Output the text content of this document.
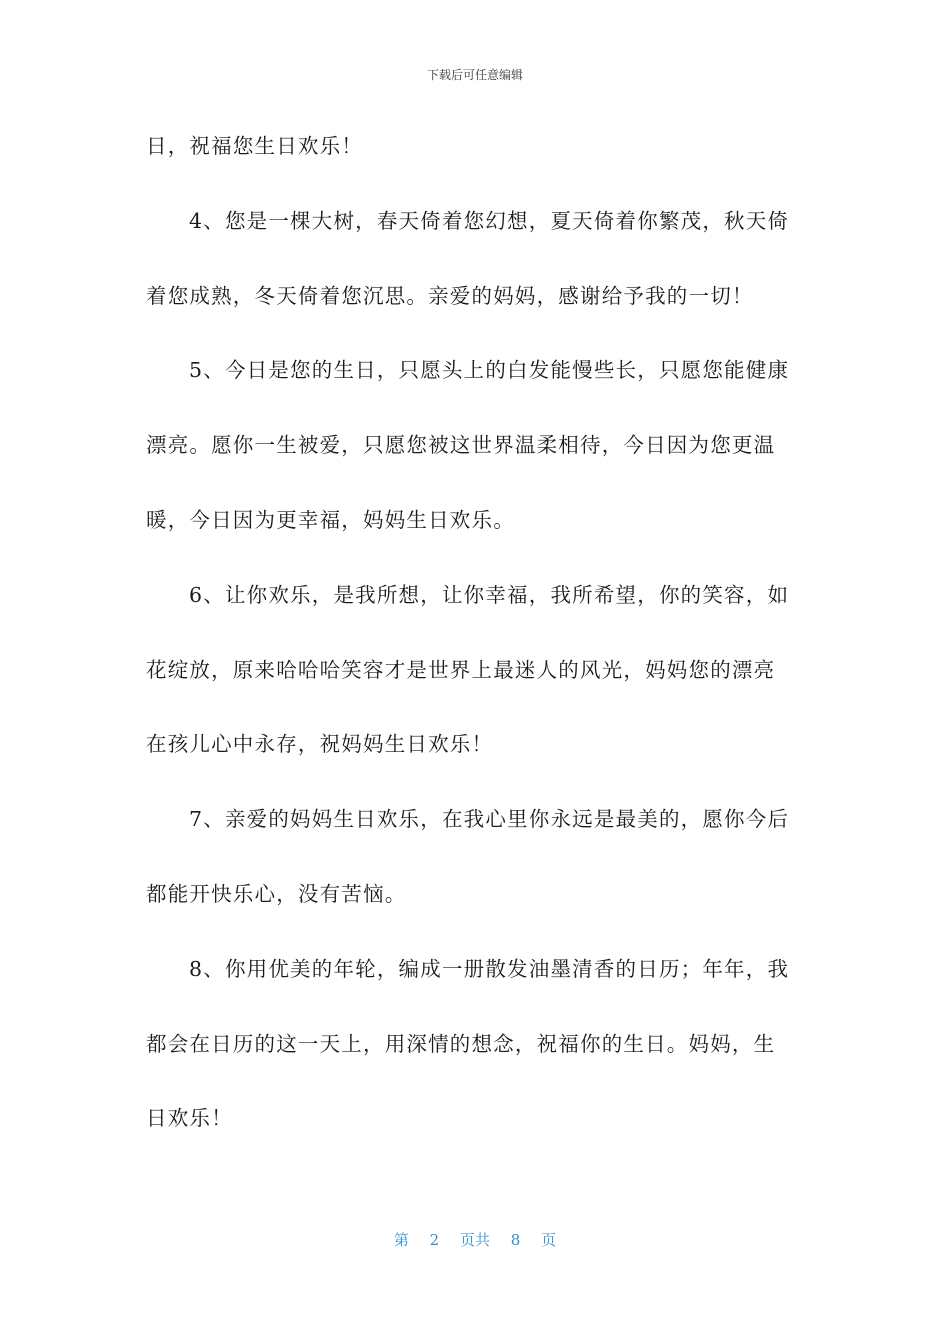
下载后可任意编辑
日，祝福您生日欢乐！
4、您是一棵大树，春天倚着您幻想，夏天倚着你繁茂，秋天倚
着您成熟，冬天倚着您沉思。亲爱的妈妈，感谢给予我的一切！
5、今日是您的生日，只愿头上的白发能慢些长，只愿您能健康
漂亮。愿你一生被爱，只愿您被这世界温柔相待，今日因为您更温
暖，今日因为更幸福，妈妈生日欢乐。
6、让你欢乐，是我所想，让你幸福，我所希望，你的笑容，如
花绽放，原来哈哈哈笑容才是世界上最迷人的风光，妈妈您的漂亮
在孩儿心中永存，祝妈妈生日欢乐！
7、亲爱的妈妈生日欢乐，在我心里你永远是最美的，愿你今后
都能开快乐心，没有苦恼。
8、你用优美的年轮，编成一册散发油墨清香的日历；年年，我
都会在日历的这一天上，用深情的想念，祝福你的生日。妈妈，生
日欢乐！
第 2 页共 8 页
